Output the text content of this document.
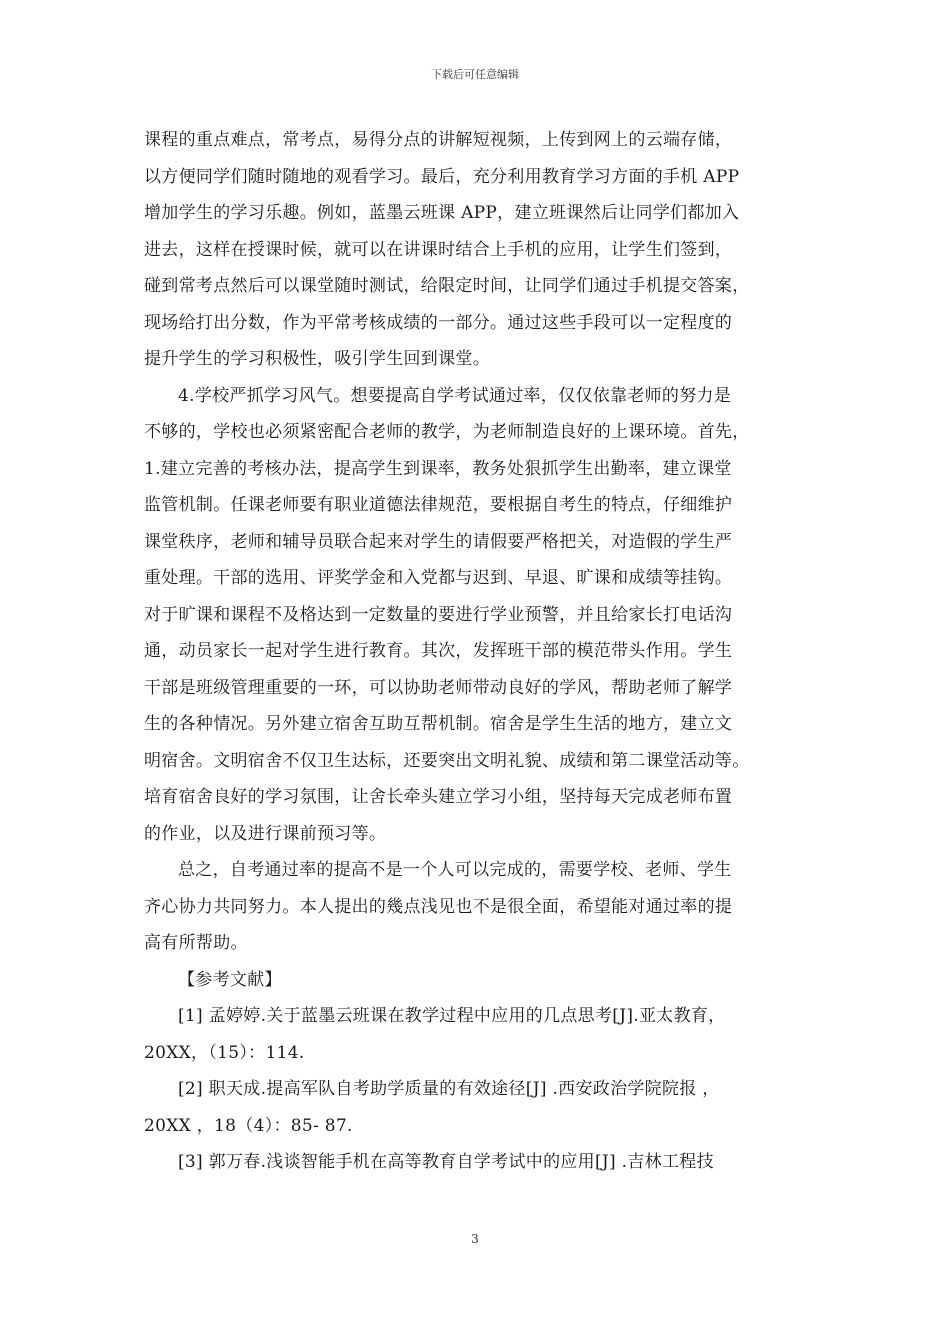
下载后可任意编辑
课程的重点难点，常考点，易得分点的讲解短视频，上传到网上的云端存储，
以方便同学们随时随地的观看学习。最后，充分利用教育学习方面的手机 APP
增加学生的学习乐趣。例如，蓝墨云班课 APP，建立班课然后让同学们都加入
进去，这样在授课时候，就可以在讲课时结合上手机的应用，让学生们签到，
碰到常考点然后可以课堂随时测试，给限定时间，让同学们通过手机提交答案，
现场给打出分数，作为平常考核成绩的一部分。通过这些手段可以一定程度的
提升学生的学习积极性，吸引学生回到课堂。
4.学校严抓学习风气。想要提高自学考试通过率，仅仅依靠老师的努力是
不够的，学校也必须紧密配合老师的教学，为老师制造良好的上课环境。首先，
1.建立完善的考核办法，提高学生到课率，教务处狠抓学生出勤率，建立课堂
监管机制。任课老师要有职业道德法律规范，要根据自考生的特点，仔细维护
课堂秩序，老师和辅导员联合起来对学生的请假要严格把关，对造假的学生严
重处理。干部的选用、评奖学金和入党都与迟到、早退、旷课和成绩等挂钩。
对于旷课和课程不及格达到一定数量的要进行学业预警，并且给家长打电话沟
通，动员家长一起对学生进行教育。其次，发挥班干部的模范带头作用。学生
干部是班级管理重要的一环，可以协助老师带动良好的学风，帮助老师了解学
生的各种情况。另外建立宿舍互助互帮机制。宿舍是学生生活的地方，建立文
明宿舍。文明宿舍不仅卫生达标，还要突出文明礼貌、成绩和第二课堂活动等。
培育宿舍良好的学习氛围，让舍长牵头建立学习小组，坚持每天完成老师布置
的作业，以及进行课前预习等。
总之，自考通过率的提高不是一个人可以完成的，需要学校、老师、学生
齐心协力共同努力。本人提出的幾点浅见也不是很全面，希望能对通过率的提
高有所帮助。
【参考文献】
[1] 孟婷婷.关于蓝墨云班课在教学过程中应用的几点思考[J].亚太教育，
20XX，（15）：114.
[2] 职天成.提高军队自考助学质量的有效途径[J] .西安政治学院院报 ，
20XX ，18（4）：85- 87.
[3] 郭万春.浅谈智能手机在高等教育自学考试中的应用[J] .吉林工程技
3
